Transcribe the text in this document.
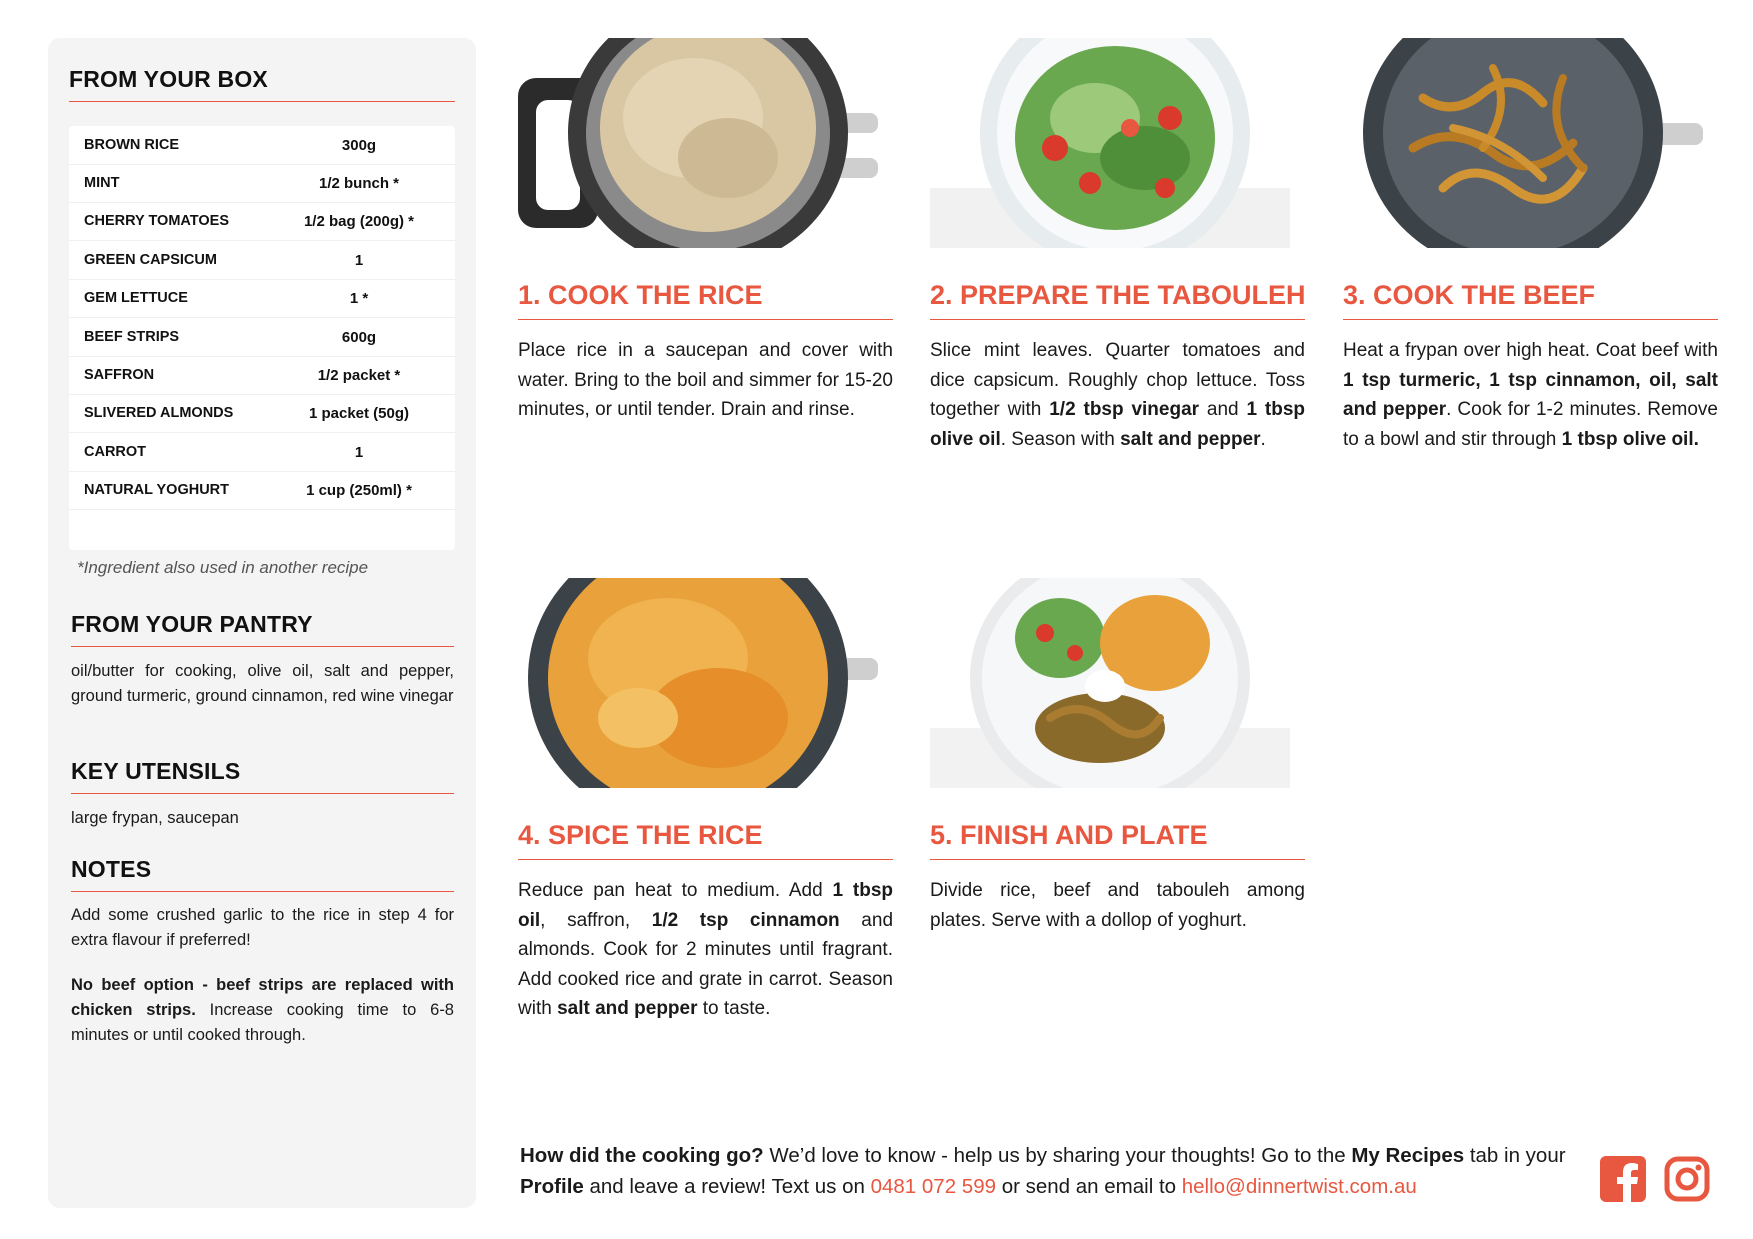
FROM YOUR BOX
BROWN RICE	300g
MINT	1/2 bunch *
CHERRY TOMATOES	1/2 bag (200g) *
GREEN CAPSICUM	1
GEM LETTUCE	1 *
BEEF STRIPS	600g
SAFFRON	1/2 packet *
SLIVERED ALMONDS	1 packet (50g)
CARROT	1
NATURAL YOGHURT	1 cup (250ml) *
*Ingredient also used in another recipe
FROM YOUR PANTRY
oil/butter for cooking, olive oil, salt and pepper, ground turmeric, ground cinnamon, red wine vinegar
KEY UTENSILS
large frypan, saucepan
NOTES
Add some crushed garlic to the rice in step 4 for extra flavour if preferred!
No beef option - beef strips are replaced with chicken strips. Increase cooking time to 6-8 minutes or until cooked through.
1. COOK THE RICE
Place rice in a saucepan and cover with water. Bring to the boil and simmer for 15-20 minutes, or until tender. Drain and rinse.
2. PREPARE THE TABOULEH
Slice mint leaves. Quarter tomatoes and dice capsicum. Roughly chop lettuce. Toss together with 1/2 tbsp vinegar and 1 tbsp olive oil. Season with salt and pepper.
3. COOK THE BEEF
Heat a frypan over high heat. Coat beef with 1 tsp turmeric, 1 tsp cinnamon, oil, salt and pepper. Cook for 1-2 minutes. Remove to a bowl and stir through 1 tbsp olive oil.
4. SPICE THE RICE
Reduce pan heat to medium. Add 1 tbsp oil, saffron, 1/2 tsp cinnamon and almonds. Cook for 2 minutes until fragrant. Add cooked rice and grate in carrot. Season with salt and pepper to taste.
5. FINISH AND PLATE
Divide rice, beef and tabouleh among plates. Serve with a dollop of yoghurt.
How did the cooking go? We’d love to know - help us by sharing your thoughts! Go to the My Recipes tab in your Profile and leave a review! Text us on 0481 072 599 or send an email to hello@dinnertwist.com.au
